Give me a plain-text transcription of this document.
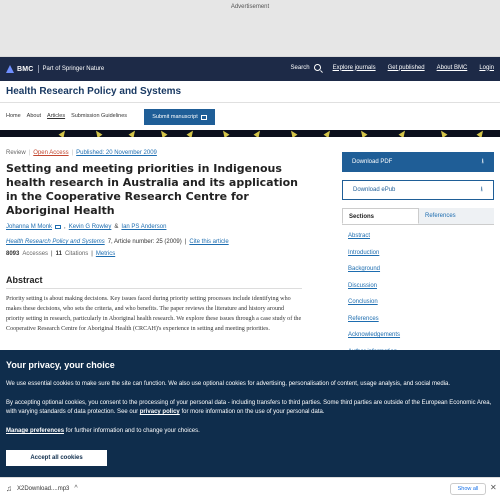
Advertisement
BMC Part of Springer Nature	Search	Explore journals Get published About BMC Login
Health Research Policy and Systems
Home About Articles Submission Guidelines	Submit manuscript
Review | Open Access | Published: 20 November 2009
Setting and meeting priorities in Indigenous health research in Australia and its application in the Cooperative Research Centre for Aboriginal Health
Johanna M Monk , Kevin G Rowley & Ian PS Anderson
Health Research Policy and Systems 7, Article number: 25 (2009) | Cite this article
8093 Accesses | 11 Citations | Metrics
Abstract

Priority setting is about making decisions. Key issues faced during priority setting processes include identifying who makes these decisions, who sets the criteria, and who benefits. The paper reviews the literature and history around priority setting in research, particularly in Aboriginal health research. We explore these issues through a case study of the Cooperative Research Centre for Aboriginal Health (CRCAH)'s experience in setting and meeting priorities.

Download PDF	⭳
Download ePub	⭳
Sections	References
Abstract
Introduction
Background
Discussion
Conclusion
References
Acknowledgements
Your privacy, your choice

We use essential cookies to make sure the site can function. We also use optional cookies for advertising, personalisation of content, usage analysis, and social media.

By accepting optional cookies, you consent to the processing of your personal data - including transfers to third parties. Some third parties are outside of the European Economic Area, with varying standards of data protection. See our privacy policy for more information on the use of your personal data.

Manage preferences for further information and to change your choices.

Accept all cookies
♫ X2Download....mp3 ^	Show all	✕
